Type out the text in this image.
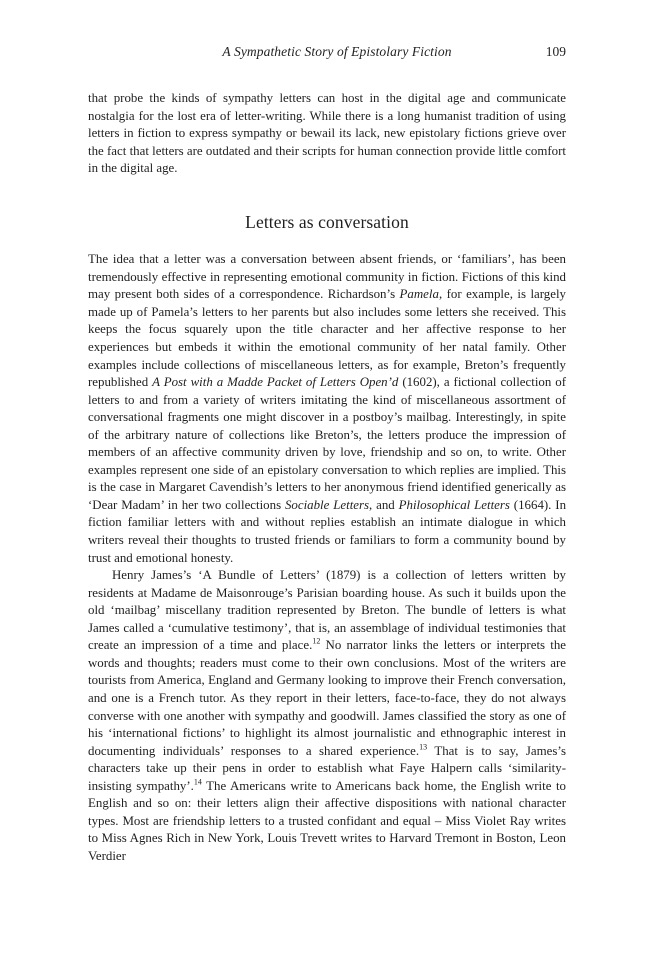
A Sympathetic Story of Epistolary Fiction	109

that probe the kinds of sympathy letters can host in the digital age and communicate nostalgia for the lost era of letter-writing. While there is a long humanist tradition of using letters in fiction to express sympathy or bewail its lack, new epistolary fictions grieve over the fact that letters are outdated and their scripts for human connection provide little comfort in the digital age.

Letters as conversation

The idea that a letter was a conversation between absent friends, or ‘familiars’, has been tremendously effective in representing emotional community in fiction. Fictions of this kind may present both sides of a correspondence. Richardson’s Pamela, for example, is largely made up of Pamela’s letters to her parents but also includes some letters she received. This keeps the focus squarely upon the title character and her affective response to her experiences but embeds it within the emotional community of her natal family. Other examples include collections of miscellaneous letters, as for example, Breton’s frequently republished A Post with a Madde Packet of Letters Open’d (1602), a fictional collection of letters to and from a variety of writers imitating the kind of miscellaneous assortment of conversational fragments one might discover in a postboy’s mailbag. Interestingly, in spite of the arbitrary nature of collections like Breton’s, the letters produce the impression of members of an affective community driven by love, friendship and so on, to write. Other examples represent one side of an epistolary conversation to which replies are implied. This is the case in Margaret Cavendish’s letters to her anonymous friend identified generically as ‘Dear Madam’ in her two collections Sociable Letters, and Philosophical Letters (1664). In fiction familiar letters with and without replies establish an intimate dialogue in which writers reveal their thoughts to trusted friends or familiars to form a community bound by trust and emotional honesty.

Henry James’s ‘A Bundle of Letters’ (1879) is a collection of letters written by residents at Madame de Maisonrouge’s Parisian boarding house. As such it builds upon the old ‘mailbag’ miscellany tradition represented by Breton. The bundle of letters is what James called a ‘cumulative testimony’, that is, an assemblage of individual testimonies that create an impression of a time and place.$^{12}$ No narrator links the letters or interprets the words and thoughts; readers must come to their own conclusions. Most of the writers are tourists from America, England and Germany looking to improve their French conversation, and one is a French tutor. As they report in their letters, face-to-face, they do not always converse with one another with sympathy and goodwill. James classified the story as one of his ‘international fictions’ to highlight its almost journalistic and ethnographic interest in documenting individuals’ responses to a shared experience.$^{13}$ That is to say, James’s characters take up their pens in order to establish what Faye Halpern calls ‘similarity-insisting sympathy’.$^{14}$ The Americans write to Americans back home, the English write to English and so on: their letters align their affective dispositions with national character types. Most are friendship letters to a trusted confidant and equal – Miss Violet Ray writes to Miss Agnes Rich in New York, Louis Trevett writes to Harvard Tremont in Boston, Leon Verdier
